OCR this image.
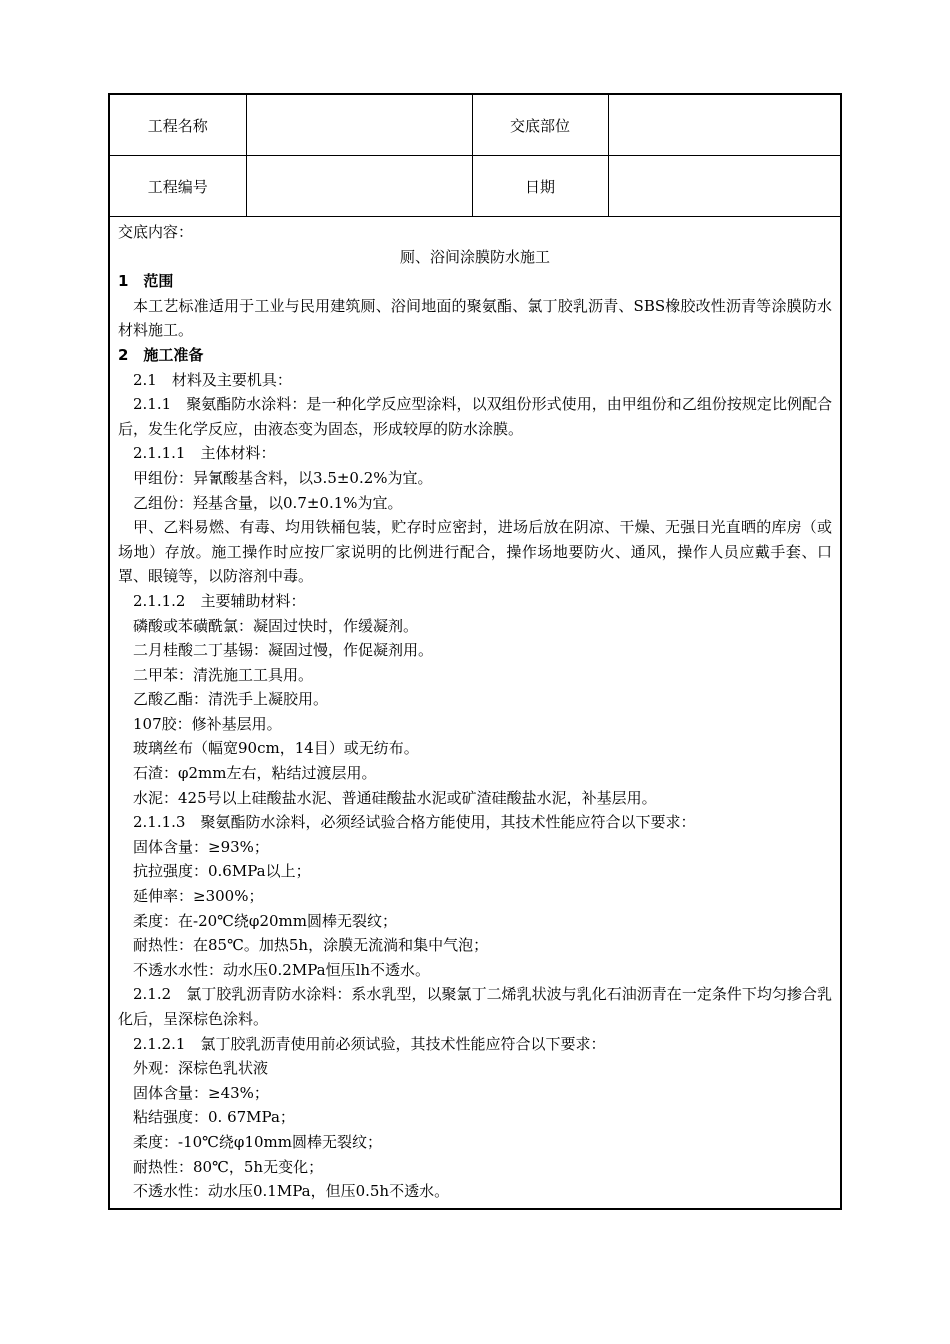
工程名称		交底部位	
工程编号		日期	

交底内容：

厕、浴间涂膜防水施工

1　范围

本工艺标准适用于工业与民用建筑厕、浴间地面的聚氨酯、氯丁胶乳沥青、SBS橡胶改性沥青等涂膜防水材料施工。

2　施工准备

2.1　材料及主要机具：

2.1.1　聚氨酯防水涂料：是一种化学反应型涂料，以双组份形式使用，由甲组份和乙组份按规定比例配合后，发生化学反应，由液态变为固态，形成较厚的防水涂膜。

2.1.1.1　主体材料：

甲组份：异氰酸基含料，以3.5±0.2%为宜。

乙组份：羟基含量，以0.7±0.1%为宜。

甲、乙料易燃、有毒、均用铁桶包装，贮存时应密封，进场后放在阴凉、干燥、无强日光直晒的库房（或场地）存放。施工操作时应按厂家说明的比例进行配合，操作场地要防火、通风，操作人员应戴手套、口罩、眼镜等，以防溶剂中毒。

2.1.1.2　主要辅助材料：

磷酸或苯磺酰氯：凝固过快时，作缓凝剂。

二月桂酸二丁基锡：凝固过慢，作促凝剂用。

二甲苯：清洗施工工具用。

乙酸乙酯：清洗手上凝胶用。

107胶：修补基层用。

玻璃丝布（幅宽90cm，14目）或无纺布。

石渣：φ2mm左右，粘结过渡层用。

水泥：425号以上硅酸盐水泥、普通硅酸盐水泥或矿渣硅酸盐水泥，补基层用。

2.1.1.3　聚氨酯防水涂料，必须经试验合格方能使用，其技术性能应符合以下要求：

固体含量：≥93%；

抗拉强度：0.6MPa以上；

延伸率：≥300%；

柔度：在-20℃绕φ20mm圆棒无裂纹；

耐热性：在85℃。加热5h，涂膜无流淌和集中气泡；

不透水水性：动水压0.2MPa恒压lh不透水。

2.1.2　氯丁胶乳沥青防水涂料：系水乳型，以聚氯丁二烯乳状波与乳化石油沥青在一定条件下均匀掺合乳化后，呈深棕色涂料。

2.1.2.1　氯丁胶乳沥青使用前必须试验，其技术性能应符合以下要求：

外观：深棕色乳状液

固体含量：≥43%；

粘结强度：0. 67MPa；

柔度：-10℃绕φ10mm圆棒无裂纹；

耐热性：80℃，5h无变化；

不透水性：动水压0.1MPa，但压0.5h不透水。
